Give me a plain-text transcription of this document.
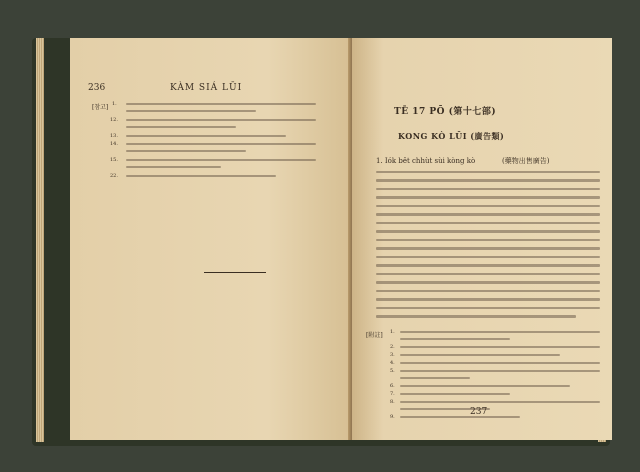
236	KÀM SIÁ LŪI
[참고] 1.
12.
13.
14.
15.
22.
TĒ 17 PŌ (第十七部)
KONG KÒ LŪI (廣告類)
1. Iók bêt chhùt sùi kòng kò	(藥物出售廣告)
[附註] 1.
2.
3.
4.
5.
6.
7.
8.
9.	237
